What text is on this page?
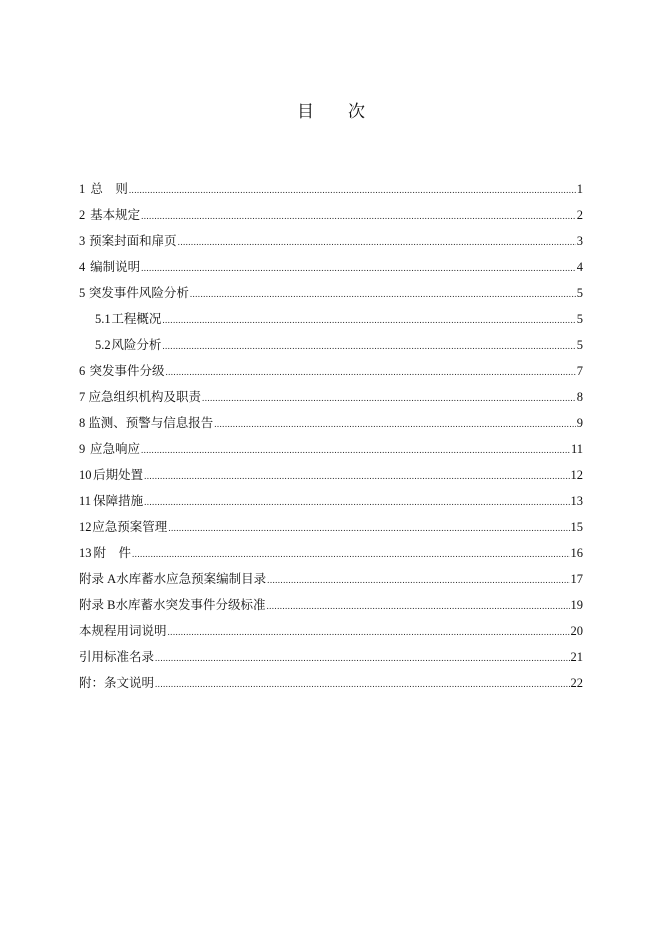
目　　次
1 总　则 .....	1
2 基本规定 .....	2
3 预案封面和扉页 .....	3
4 编制说明 .....	4
5 突发事件风险分析 .....	5
5.1 工程概况 .....	5
5.2 风险分析 .....	5
6 突发事件分级 .....	7
7 应急组织机构及职责 .....	8
8 监测、预警与信息报告 .....	9
9 应急响应 .....	11
10 后期处置 .....	12
11 保障措施 .....	13
12 应急预案管理 .....	15
13 附　件 .....	16
附录 A 水库蓄水应急预案编制目录 .....	17
附录 B 水库蓄水突发事件分级标准 .....	19
本规程用词说明 .....	20
引用标准名录 .....	21
附：条文说明 .....	22
